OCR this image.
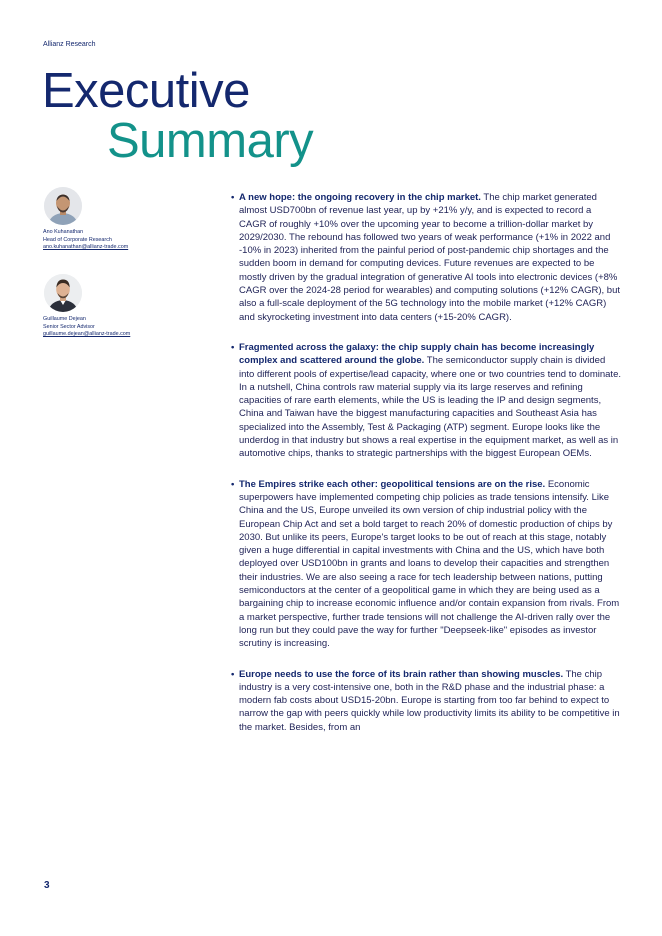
Allianz Research
Executive
Summary
Ano Kuhanathan
Head of Corporate Research
ano.kuhanathan@allianz-trade.com
Guillaume Dejean
Senior Sector Advisor
guillaume.dejean@allianz-trade.com
• A new hope: the ongoing recovery in the chip market. The chip market generated almost USD700bn of revenue last year, up by +21% y/y, and is expected to record a CAGR of roughly +10% over the upcoming year to become a trillion-dollar market by 2029/2030. The rebound has followed two years of weak performance (+1% in 2022 and -10% in 2023) inherited from the painful period of post-pandemic chip shortages and the sudden boom in demand for computing devices. Future revenues are expected to be mostly driven by the gradual integration of generative AI tools into electronic devices (+8% CAGR over the 2024-28 period for wearables) and computing solutions (+12% CAGR), but also a full-scale deployment of the 5G technology into the mobile market (+12% CAGR) and skyrocketing investment into data centers (+15-20% CAGR).
• Fragmented across the galaxy: the chip supply chain has become increasingly complex and scattered around the globe. The semiconductor supply chain is divided into different pools of expertise/lead capacity, where one or two countries tend to dominate. In a nutshell, China controls raw material supply via its large reserves and refining capacities of rare earth elements, while the US is leading the IP and design segments, China and Taiwan have the biggest manufacturing capacities and Southeast Asia has specialized into the Assembly, Test & Packaging (ATP) segment. Europe looks like the underdog in that industry but shows a real expertise in the equipment market, as well as in automotive chips, thanks to strategic partnerships with the biggest European OEMs.
• The Empires strike each other: geopolitical tensions are on the rise. Economic superpowers have implemented competing chip policies as trade tensions intensify. Like China and the US, Europe unveiled its own version of chip industrial policy with the European Chip Act and set a bold target to reach 20% of domestic production of chips by 2030. But unlike its peers, Europe's target looks to be out of reach at this stage, notably given a huge differential in capital investments with China and the US, which have both deployed over USD100bn in grants and loans to develop their capacities and strengthen their industries. We are also seeing a race for tech leadership between nations, putting semiconductors at the center of a geopolitical game in which they are being used as a bargaining chip to increase economic influence and/or contain expansion from rivals. From a market perspective, further trade tensions will not challenge the AI-driven rally over the long run but they could pave the way for further "Deepseek-like" episodes as investor scrutiny is increasing.
• Europe needs to use the force of its brain rather than showing muscles. The chip industry is a very cost-intensive one, both in the R&D phase and the industrial phase: a modern fab costs about USD15-20bn. Europe is starting from too far behind to expect to narrow the gap with peers quickly while low productivity limits its ability to be competitive in the market. Besides, from an
3
